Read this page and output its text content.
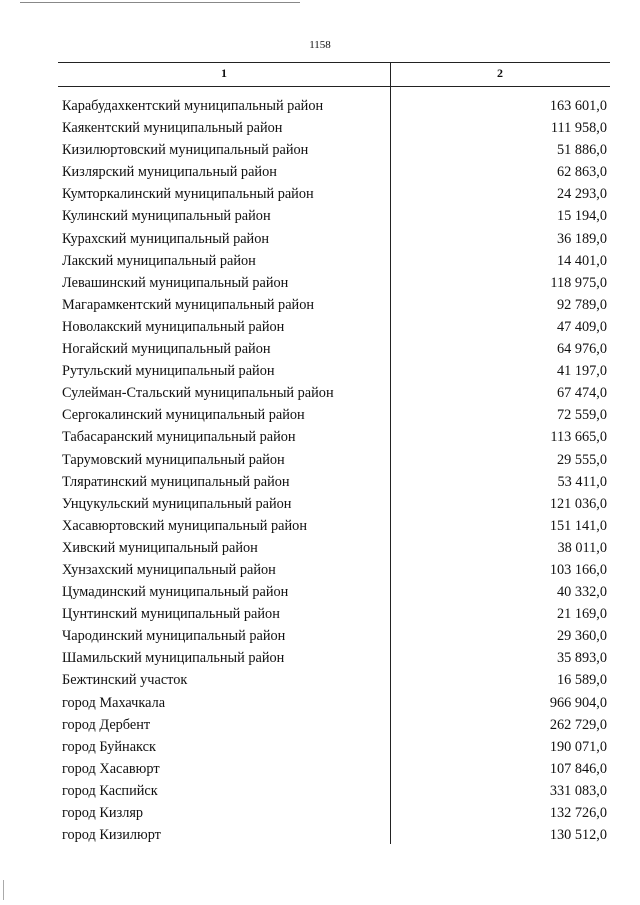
1158
1	2
Карабудахкентский муниципальный район	163 601,0
Каякентский муниципальный район	111 958,0
Кизилюртовский муниципальный район	51 886,0
Кизлярский муниципальный район	62 863,0
Кумторкалинский муниципальный район	24 293,0
Кулинский муниципальный район	15 194,0
Курахский муниципальный район	36 189,0
Лакский муниципальный район	14 401,0
Левашинский муниципальный район	118 975,0
Магарамкентский муниципальный район	92 789,0
Новолакский муниципальный район	47 409,0
Ногайский муниципальный район	64 976,0
Рутульский муниципальный район	41 197,0
Сулейман-Стальский муниципальный район	67 474,0
Сергокалинский муниципальный район	72 559,0
Табасаранский муниципальный район	113 665,0
Тарумовский муниципальный район	29 555,0
Тляратинский муниципальный район	53 411,0
Унцукульский муниципальный район	121 036,0
Хасавюртовский муниципальный район	151 141,0
Хивский муниципальный район	38 011,0
Хунзахский муниципальный район	103 166,0
Цумадинский муниципальный район	40 332,0
Цунтинский муниципальный район	21 169,0
Чародинский муниципальный район	29 360,0
Шамильский муниципальный район	35 893,0
Бежтинский участок	16 589,0
город Махачкала	966 904,0
город Дербент	262 729,0
город Буйнакск	190 071,0
город Хасавюрт	107 846,0
город Каспийск	331 083,0
город Кизляр	132 726,0
город Кизилюрт	130 512,0
